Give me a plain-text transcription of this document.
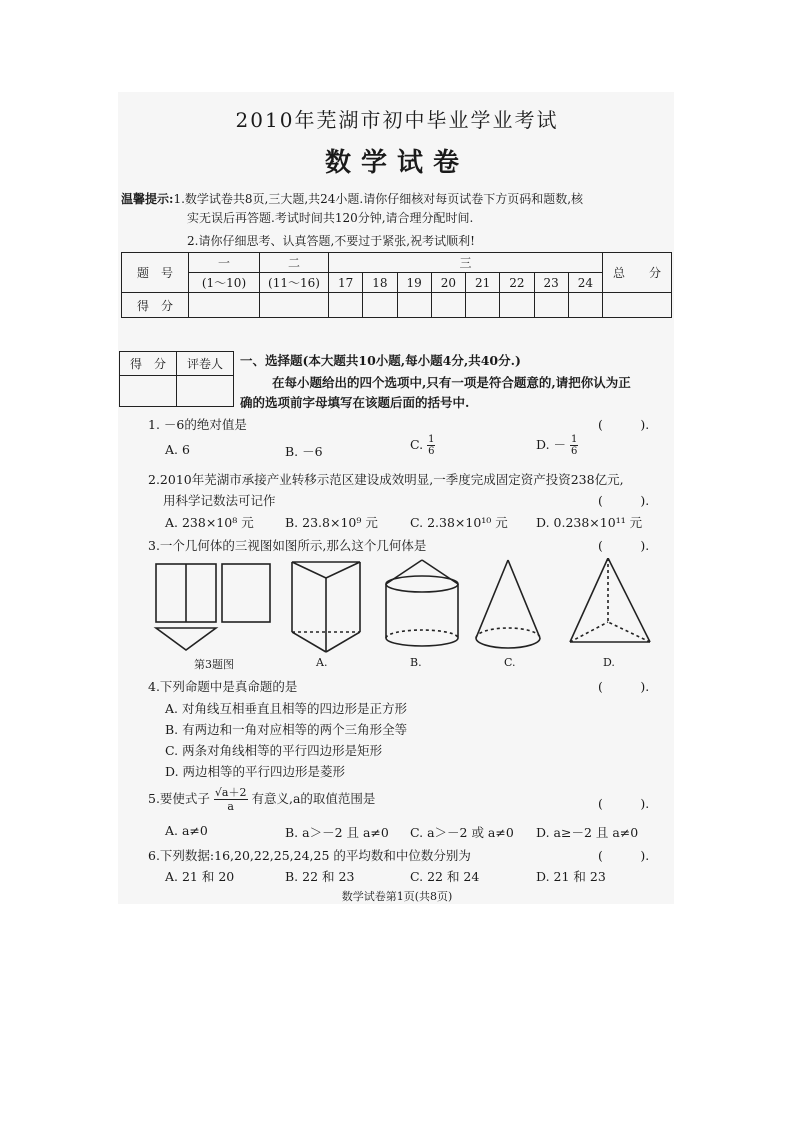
2010年芜湖市初中毕业学业考试
数学试卷
温馨提示:1.数学试卷共8页,三大题,共24小题.请你仔细核对每页试卷下方页码和题数,核
实无误后再答题.考试时间共120分钟,请合理分配时间.
2.请你仔细思考、认真答题,不要过于紧张,祝考试顺利!
题　号	一	二	三								总　　分
	(1～10)	(11～16)	17	18	19	20	21	22	23	24	
得　分											
得　分	评卷人
	一、选择题(本大题共10小题,每小题4分,共40分.)
在每小题给出的四个选项中,只有一项是符合题意的,请把你认为正
确的选项前字母填写在该题后面的括号中.
1. －6的绝对值是	(　　　).
A. 6	B. －6	C. $\frac{1}{6}$	D. － $\frac{1}{6}$
2.2010年芜湖市承接产业转移示范区建设成效明显,一季度完成固定资产投资238亿元,
用科学记数法可记作	(　　　).
A. 238×10⁸ 元	B. 23.8×10⁹ 元	C. 2.38×10¹⁰ 元 D. 0.238×10¹¹ 元
3.一个几何体的三视图如图所示,那么这个几何体是	(　　　).
第3题图	A.	B.	C.	D.
4.下列命题中是真命题的是	(　　　).
A. 对角线互相垂直且相等的四边形是正方形
B. 有两边和一角对应相等的两个三角形全等
C. 两条对角线相等的平行四边形是矩形
D. 两边相等的平行四边形是菱形
5.要使式子 $\frac{√a+2}{a}$ 有意义,a的取值范围是	(　　　).
A. a≠0	B. a＞－2 且 a≠0 C. a＞－2 或 a≠0 D. a≥－2 且 a≠0
6.下列数据:16,20,22,25,24,25 的平均数和中位数分别为	(　　　).
A. 21 和 20	B. 22 和 23	C. 22 和 24	D. 21 和 23
数学试卷第1页(共8页)
